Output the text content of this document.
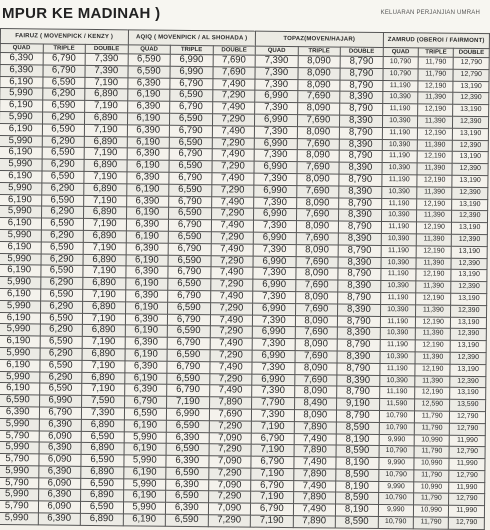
MPUR KE MADINAH )	KELUARAN PERJANJIAN UMRAH
FAIRUZ ( MOVENPICK / KENZY )			AQIQ ( MOVENPICK / AL SHOHADA )			TOPAZ(MOVEN/HAJAR)			ZAMRUD (OBEROI / FAIRMONT)		
QUAD	TRIPLE	DOUBLE	QUAD	TRIPLE	DOUBLE	QUAD	TRIPLE	DOUBLE	QUAD	TRIPLE	DOUBLE
6,390	6,790	7,390	6,590	6,990	7,690	7,390	8,090	8,790	10,790	11,790	12,790
6,390	6,790	7,390	6,590	6,990	7,690	7,390	8,090	8,790	10,790	11,790	12,790
6,190	6,590	7,190	6,390	6,790	7,490	7,390	8,090	8,790	11,190	12,190	13,190
5,990	6,290	6,890	6,190	6,590	7,290	6,990	7,690	8,390	10,390	11,390	12,390
6,190	6,590	7,190	6,390	6,790	7,490	7,390	8,090	8,790	11,190	12,190	13,190
5,990	6,290	6,890	6,190	6,590	7,290	6,990	7,690	8,390	10,390	11,390	12,390
6,190	6,590	7,190	6,390	6,790	7,490	7,390	8,090	8,790	11,190	12,190	13,190
5,990	6,290	6,890	6,190	6,590	7,290	6,990	7,690	8,390	10,390	11,390	12,390
6,190	6,590	7,190	6,390	6,790	7,490	7,390	8,090	8,790	11,190	12,190	13,190
5,990	6,290	6,890	6,190	6,590	7,290	6,990	7,690	8,390	10,390	11,390	12,390
6,190	6,590	7,190	6,390	6,790	7,490	7,390	8,090	8,790	11,190	12,190	13,190
5,990	6,290	6,890	6,190	6,590	7,290	6,990	7,690	8,390	10,390	11,390	12,390
6,190	6,590	7,190	6,390	6,790	7,490	7,390	8,090	8,790	11,190	12,190	13,190
5,990	6,290	6,890	6,190	6,590	7,290	6,990	7,690	8,390	10,390	11,390	12,390
6,190	6,590	7,190	6,390	6,790	7,490	7,390	8,090	8,790	11,190	12,190	13,190
5,990	6,290	6,890	6,190	6,590	7,290	6,990	7,690	8,390	10,390	11,390	12,390
6,190	6,590	7,190	6,390	6,790	7,490	7,390	8,090	8,790	11,190	12,190	13,190
5,990	6,290	6,890	6,190	6,590	7,290	6,990	7,690	8,390	10,390	11,390	12,390
6,190	6,590	7,190	6,390	6,790	7,490	7,390	8,090	8,790	11,190	12,190	13,190
5,990	6,290	6,890	6,190	6,590	7,290	6,990	7,690	8,390	10,390	11,390	12,390
6,190	6,590	7,190	6,390	6,790	7,490	7,390	8,090	8,790	11,190	12,190	13,190
5,990	6,290	6,890	6,190	6,590	7,290	6,990	7,690	8,390	10,390	11,390	12,390
6,190	6,590	7,190	6,390	6,790	7,490	7,390	8,090	8,790	11,190	12,190	13,190
5,990	6,290	6,890	6,190	6,590	7,290	6,990	7,690	8,390	10,390	11,390	12,390
6,190	6,590	7,190	6,390	6,790	7,490	7,390	8,090	8,790	11,190	12,190	13,190
5,990	6,290	6,890	6,190	6,590	7,290	6,990	7,690	8,390	10,390	11,390	12,390
6,190	6,590	7,190	6,390	6,790	7,490	7,390	8,090	8,790	11,190	12,190	13,190
5,990	6,290	6,890	6,190	6,590	7,290	6,990	7,690	8,390	10,390	11,390	12,390
6,190	6,590	7,190	6,390	6,790	7,490	7,390	8,090	8,790	11,190	12,190	13,190
6,590	6,990	7,590	6,790	7,190	7,890	7,790	8,490	9,190	11,590	12,590	13,590
6,390	6,790	7,390	6,590	6,990	7,690	7,390	8,090	8,790	10,790	11,790	12,790
5,990	6,390	6,890	6,190	6,590	7,290	7,190	7,890	8,590	10,790	11,790	12,790
5,790	6,090	6,590	5,990	6,390	7,090	6,790	7,490	8,190	9,990	10,990	11,990
5,990	6,390	6,890	6,190	6,590	7,290	7,190	7,890	8,590	10,790	11,790	12,790
5,790	6,090	6,590	5,990	6,390	7,090	6,790	7,490	8,190	9,990	10,990	11,990
5,990	6,390	6,890	6,190	6,590	7,290	7,190	7,890	8,590	10,790	11,790	12,790
5,790	6,090	6,590	5,990	6,390	7,090	6,790	7,490	8,190	9,990	10,990	11,990
5,990	6,390	6,890	6,190	6,590	7,290	7,190	7,890	8,590	10,790	11,790	12,790
5,790	6,090	6,590	5,990	6,390	7,090	6,790	7,490	8,190	9,990	10,990	11,990
5,990	6,390	6,890	6,190	6,590	7,290	7,190	7,890	8,590	10,790	11,790	12,790
